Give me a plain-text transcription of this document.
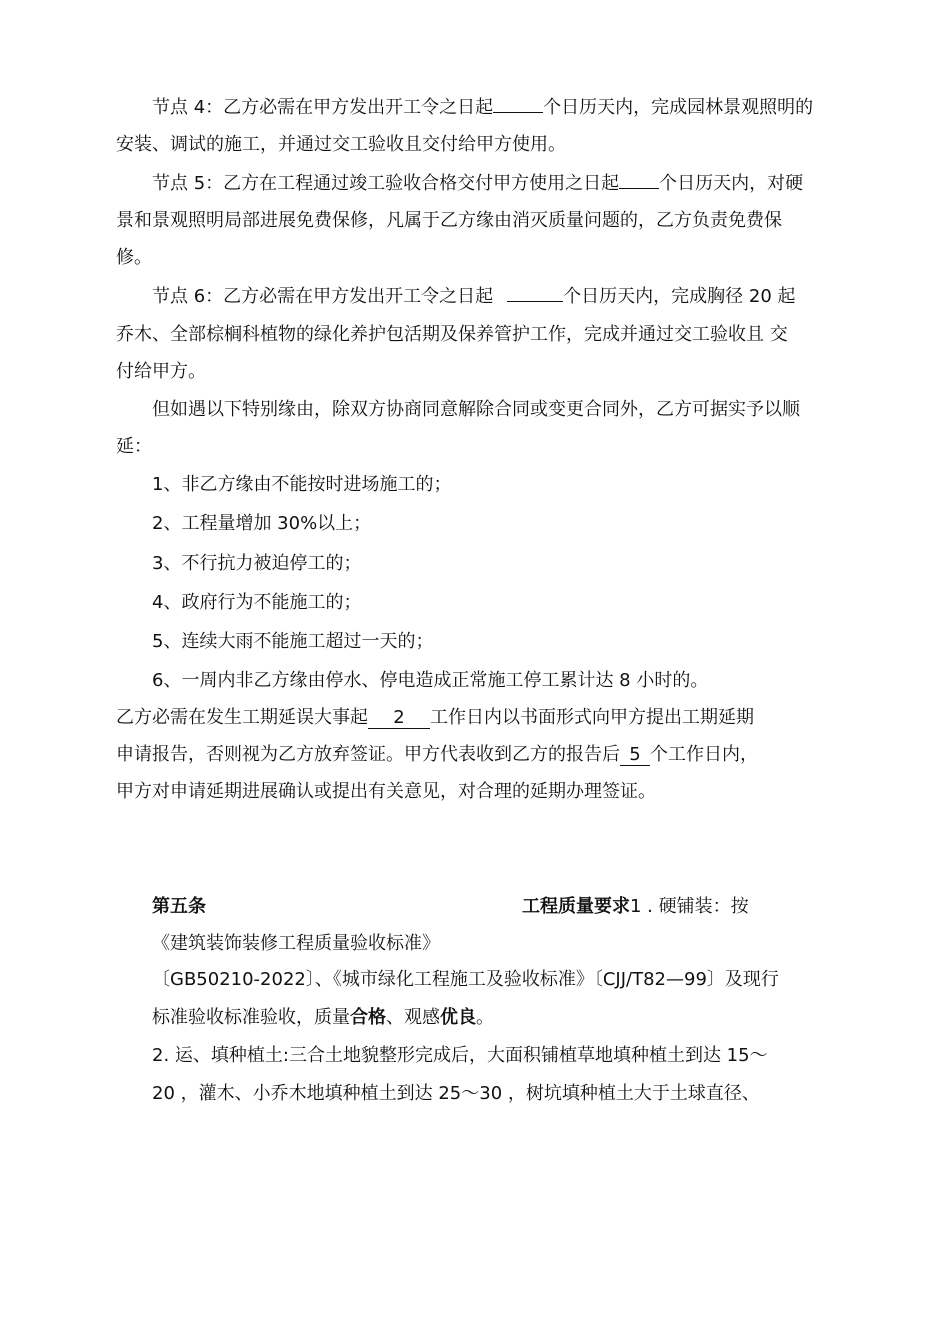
节点 4：乙方必需在甲方发出开工令之日起	个日历天内，完成园林景观照明的
安装、调试的施工，并通过交工验收且交付给甲方使用。
节点 5：乙方在工程通过竣工验收合格交付甲方使用之日起 个日历天内，对硬
景和景观照明局部进展免费保修，凡属于乙方缘由消灭质量问题的，乙方负责免费保
修。
节点 6：乙方必需在甲方发出开工令之日起	个日历天内，完成胸径 20 起
乔木、全部棕榈科植物的绿化养护包活期及保养管护工作，完成并通过交工验收且 交
付给甲方。
但如遇以下特别缘由，除双方协商同意解除合同或变更合同外，乙方可据实予以顺
延：
1、非乙方缘由不能按时进场施工的；
2、工程量增加 30%以上；
3、不行抗力被迫停工的；
4、政府行为不能施工的；
5、连续大雨不能施工超过一天的；
6、一周内非乙方缘由停水、停电造成正常施工停工累计达 8 小时的。
乙方必需在发生工期延误大事起 2 工作日内以书面形式向甲方提出工期延期
申请报告，否则视为乙方放弃签证。甲方代表收到乙方的报告后 5 个工作日内，
甲方对申请延期进展确认或提出有关意见，对合理的延期办理签证。
第五条	工程质量要求1 . 硬铺装：按
《建筑装饰装修工程质量验收标准》
〔GB50210-2022〕、《城市绿化工程施工及验收标准》〔CJJ/T82—99〕及现行
标准验收标准验收，质量合格、观感优良。
2. 运、填种植土:三合土地貌整形完成后，大面积铺植草地填种植土到达 15～
20 ，灌木、小乔木地填种植土到达 25～30 ，树坑填种植土大于土球直径、
